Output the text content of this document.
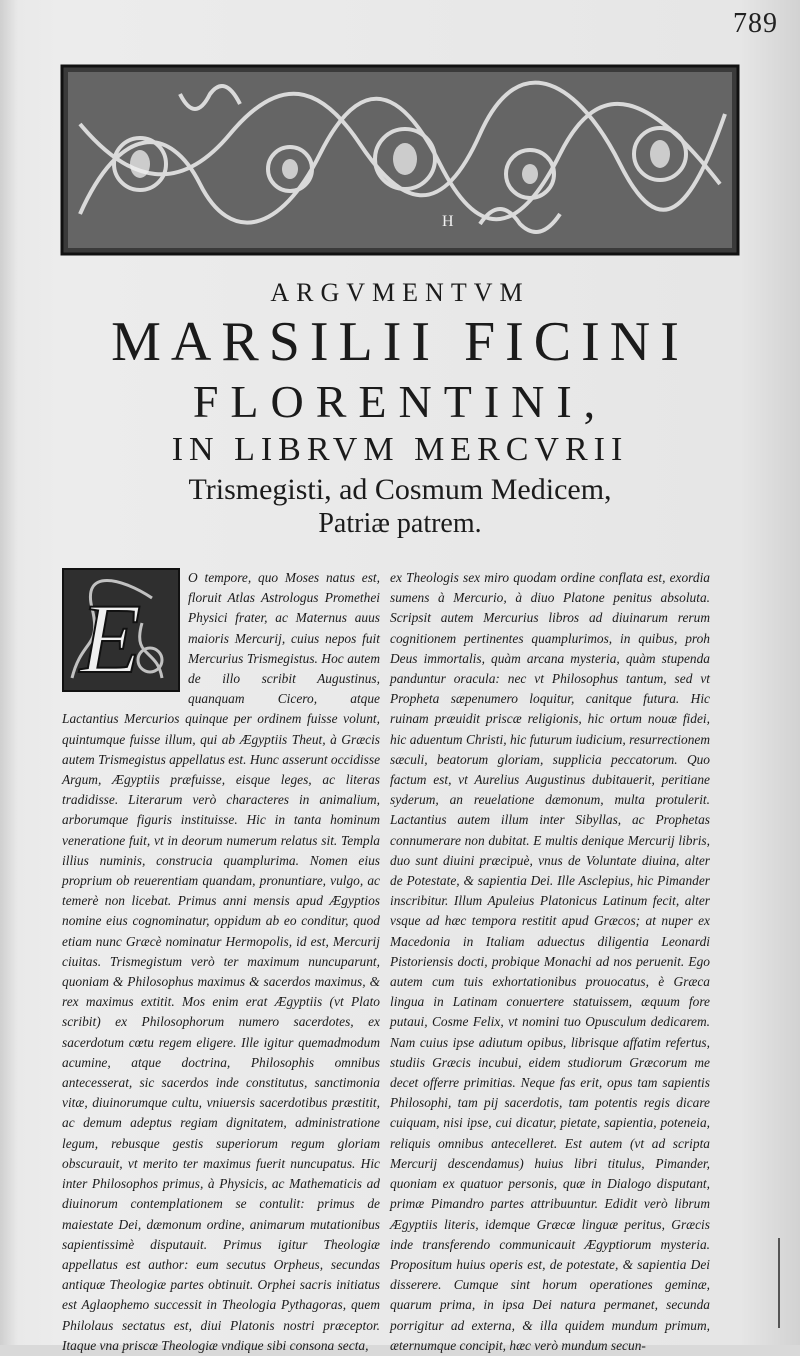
789
H
ARGVMENTVM
MARSILII FICINI
FLORENTINI,
IN LIBRVM MERCVRII
Trismegisti, ad Cosmum Medicem,
Patriæ patrem.
E
O tempore, quo Moses natus est, floruit Atlas Astrologus Promethei Physici frater, ac Maternus auus maioris Mercurij, cuius nepos fuit Mercurius Trismegistus. Hoc autem de illo scribit Augustinus, quanquam Cicero, atque Lactantius Mercurios quinque per ordinem fuisse volunt, quintumque fuisse illum, qui ab Ægyptiis Theut, à Græcis autem Trismegistus appellatus est. Hunc asserunt occidisse Argum, Ægyptiis præfuisse, eisque leges, ac literas tradidisse. Literarum verò characteres in animalium, arborumque figuris instituisse. Hic in tanta hominum veneratione fuit, vt in deorum numerum relatus sit. Templa illius numinis, construcia quamplurima. Nomen eius proprium ob reuerentiam quandam, pronuntiare, vulgo, ac temerè non licebat. Primus anni mensis apud Ægyptios nomine eius cognominatur, oppidum ab eo conditur, quod etiam nunc Græcè nominatur Hermopolis, id est, Mercurij ciuitas. Trismegistum verò ter maximum nuncuparunt, quoniam & Philosophus maximus & sacerdos maximus, & rex maximus extitit. Mos enim erat Ægyptiis (vt Plato scribit) ex Philosophorum numero sacerdotes, ex sacerdotum cœtu regem eligere. Ille igitur quemadmodum acumine, atque doctrina, Philosophis omnibus antecesserat, sic sacerdos inde constitutus, sanctimonia vitæ, diuinorumque cultu, vniuersis sacerdotibus præstitit, ac demum adeptus regiam dignitatem, administratione legum, rebusque gestis superiorum regum gloriam obscurauit, vt merito ter maximus fuerit nuncupatus. Hic inter Philosophos primus, à Physicis, ac Mathematicis ad diuinorum contemplationem se contulit: primus de maiestate Dei, dæmonum ordine, animarum mutationibus sapientissimè disputauit. Primus igitur Theologiæ appellatus est author: eum secutus Orpheus, secundas antiquæ Theologiæ partes obtinuit. Orphei sacris initiatus est Aglaophemo successit in Theologia Pythagoras, quem Philolaus sectatus est, diui Platonis nostri præceptor. Itaque vna priscæ Theologiæ vndique sibi consona secta,
ex Theologis sex miro quodam ordine conflata est, exordia sumens à Mercurio, à diuo Platone penitus absoluta. Scripsit autem Mercurius libros ad diuinarum rerum cognitionem pertinentes quamplurimos, in quibus, proh Deus immortalis, quàm arcana mysteria, quàm stupenda panduntur oracula: nec vt Philosophus tantum, sed vt Propheta sæpenumero loquitur, canitque futura. Hic ruinam præuidit priscæ religionis, hic ortum nouæ fidei, hic aduentum Christi, hic futurum iudicium, resurrectionem sæculi, beatorum gloriam, supplicia peccatorum. Quo factum est, vt Aurelius Augustinus dubitauerit, peritiane syderum, an reuelatione dæmonum, multa protulerit. Lactantius autem illum inter Sibyllas, ac Prophetas connumerare non dubitat. E multis denique Mercurij libris, duo sunt diuini præcipuè, vnus de Voluntate diuina, alter de Potestate, & sapientia Dei. Ille Asclepius, hic Pimander inscribitur. Illum Apuleius Platonicus Latinum fecit, alter vsque ad hæc tempora restitit apud Græcos; at nuper ex Macedonia in Italiam aduectus diligentia Leonardi Pistoriensis docti, probique Monachi ad nos peruenit. Ego autem cum tuis exhortationibus prouocatus, è Græca lingua in Latinam conuertere statuissem, æquum fore putaui, Cosme Felix, vt nomini tuo Opusculum dedicarem. Nam cuius ipse adiutum opibus, librisque affatim refertus, studiis Græcis incubui, eidem studiorum Græcorum me decet offerre primitias. Neque fas erit, opus tam sapientis Philosophi, tam pij sacerdotis, tam potentis regis dicare cuiquam, nisi ipse, cui dicatur, pietate, sapientia, poteneia, reliquis omnibus antecelleret. Est autem (vt ad scripta Mercurij descendamus) huius libri titulus, Pimander, quoniam ex quatuor personis, quæ in Dialogo disputant, primæ Pimandro partes attribuuntur. Edidit verò librum Ægyptiis literis, idemque Græcæ linguæ peritus, Græcis inde transferendo communicauit Ægyptiorum mysteria. Propositum huius operis est, de potestate, & sapientia Dei disserere. Cumque sint horum operationes geminæ, quarum prima, in ipsa Dei natura permanet, secunda porrigitur ad externa, & illa quidem mundum primum, æternumque concipit, hæc verò mundum secun-
